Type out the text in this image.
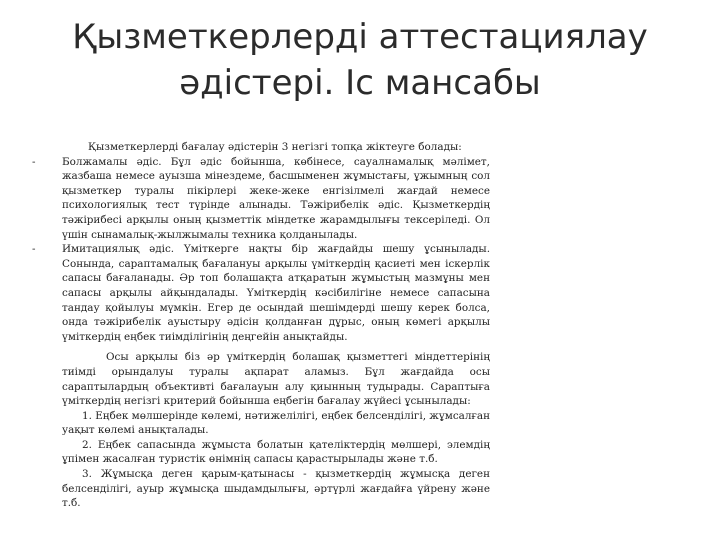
Қызметкерлерді аттестациялау
әдістері. Іс мансабы

Қызметкерлерді бағалау әдістерін 3 негізгі топқа жіктеуге болады:

-	Болжамалы әдіс. Бұл әдіс бойынша, көбінесе, сауалнамалық мәлімет, жазбаша немесе ауызша мінездеме, басшыменен жұмыстағы, ұжымның сол қызметкер туралы пікірлері жеке-жеке енгізілмелі жағдай немесе психологиялық тест түрінде алынады. Тәжірибелік әдіс. Қызметкердің тәжірибесі арқылы оның қызметтік міндетке жарамдылығы тексеріледі. Ол үшін сынамалық-жылжымалы техника қолданылады.

-	Имитациялық әдіс. Үміткерге нақты бір жағдайды шешу ұсынылады. Сонында, сараптамалық бағалануы арқылы үміткердің қасиеті мен іскерлік сапасы бағаланады. Әр топ болашақта атқаратын жұмыстың мазмұны мен сапасы арқылы айқындалады. Үміткердің кәсібилігіне немесе сапасына тандау қойылуы мүмкін. Егер де осындай шешімдерді шешу керек болса, онда тәжірибелік ауыстыру әдісін қолданған дұрыс, оның көмегі арқылы үміткердің еңбек тиімділігінің деңгейін анықтайды.

Осы арқылы біз әр үміткердің болашақ қызметтегі міндеттерінің тиімді орындалуы туралы ақпарат аламыз. Бұл жағдайда осы сараптылардың объективті бағалауын алу қиынның тудырады. Сараптыға үміткердің негізгі критерий бойынша еңбегін бағалау жүйесі ұсынылады:

1. Еңбек мөлшерінде көлемі, нәтижелілігі, еңбек белсенділігі, жұмсалған уақыт көлемі анықталады.

2. Еңбек сапасында жұмыста болатын қателіктердің мөлшері, элемдің ұпімен жасалған туристік өнімнің сапасы қарастырылады және т.б.

3. Жұмысқа деген қарым-қатынасы - қызметкердің жұмысқа деген белсенділігі, ауыр жұмысқа шыдамдылығы, әртүрлі жағдайға үйрену және т.б.
